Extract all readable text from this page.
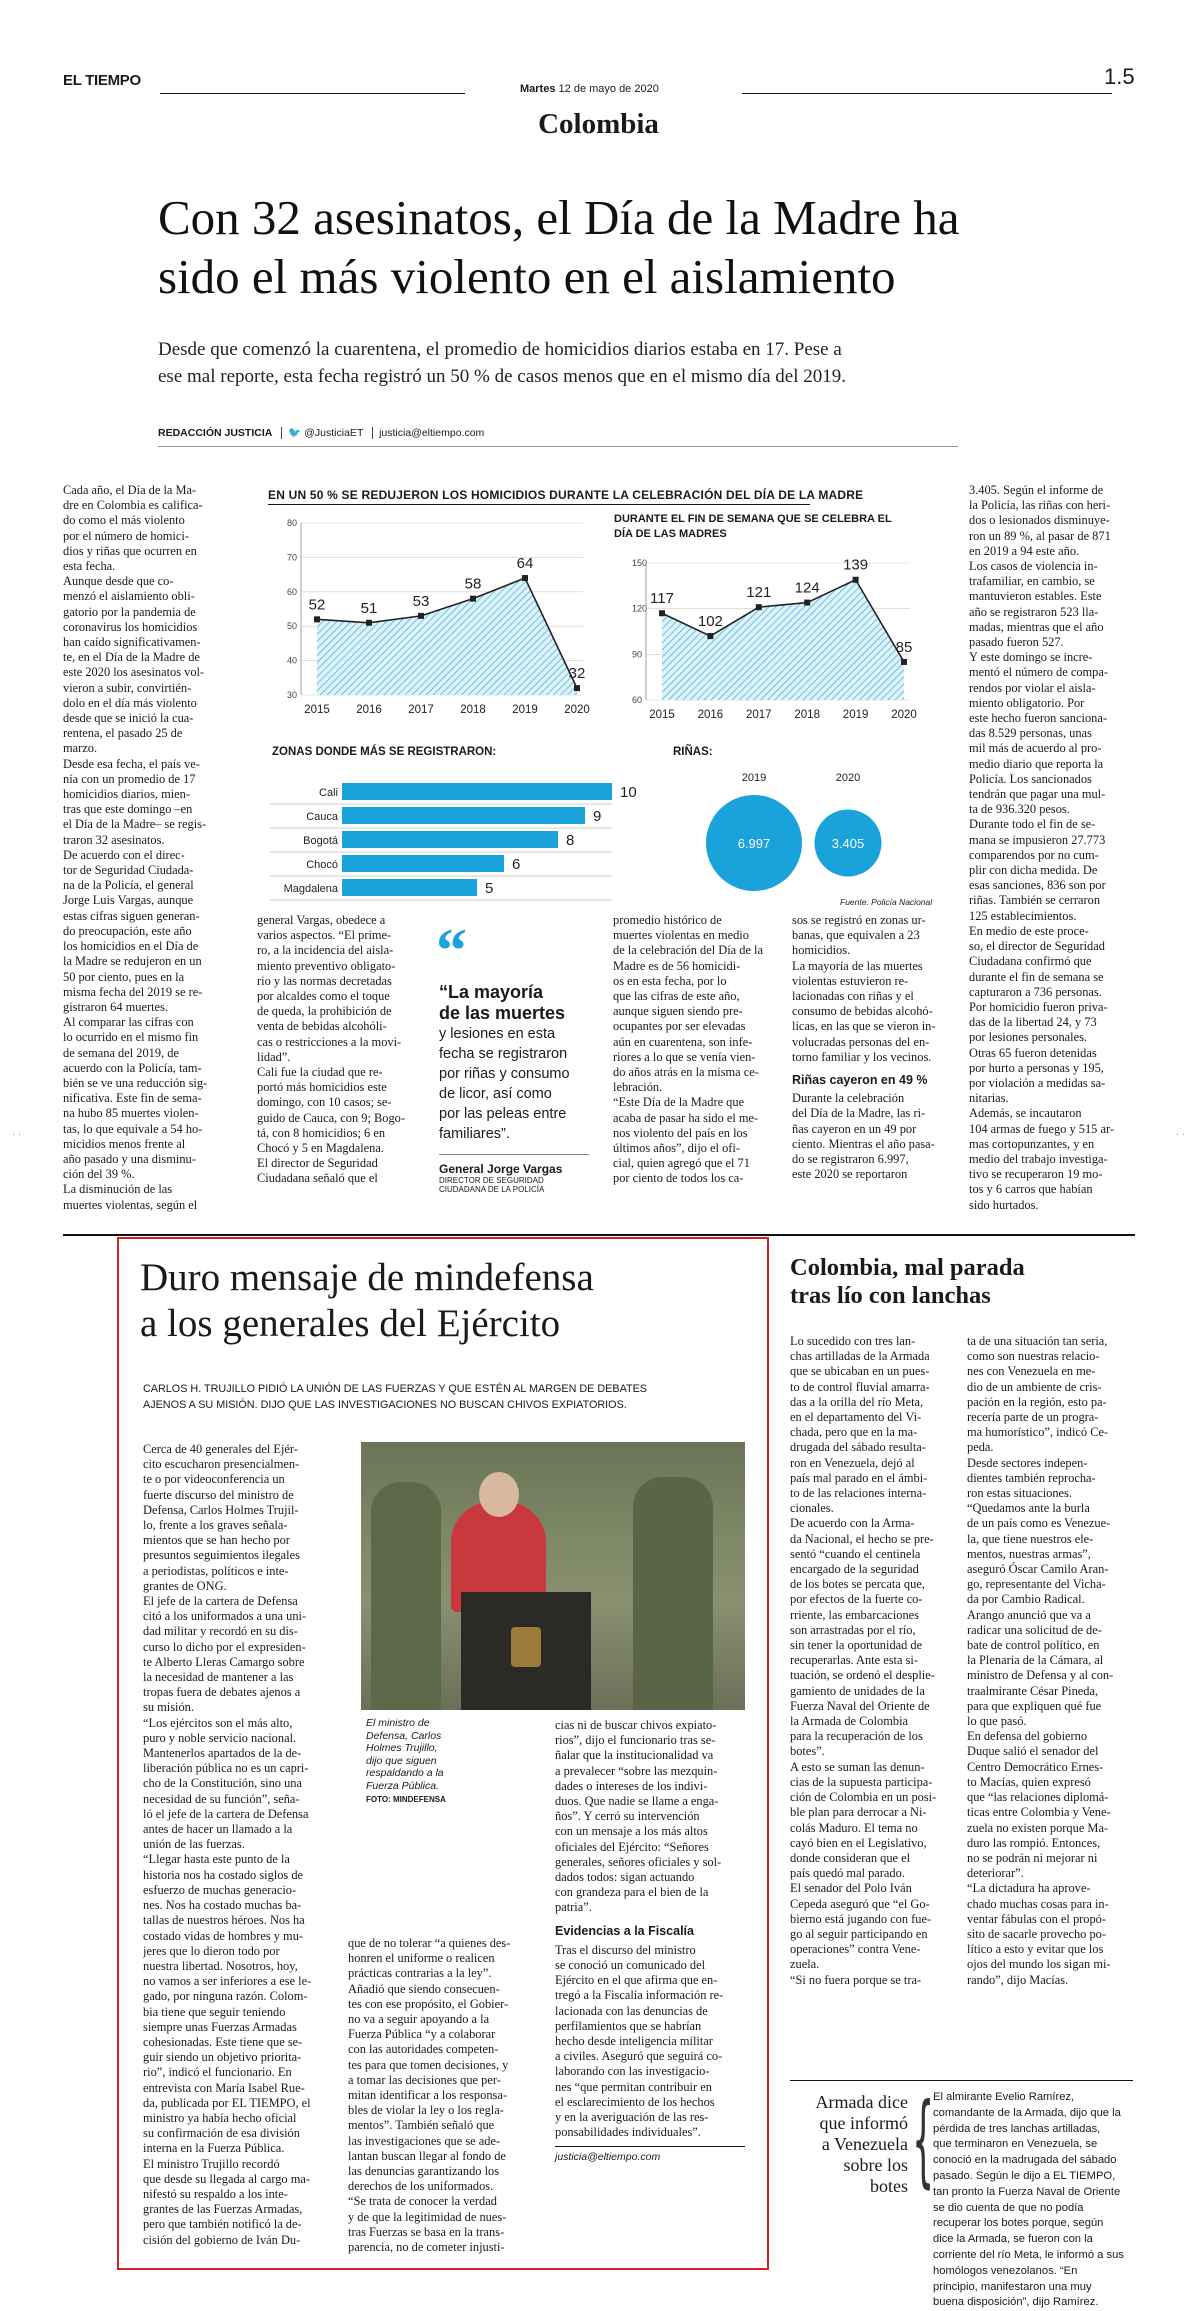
EL TIEMPO	Martes 12 de mayo de 2020	1.5
Colombia
Con 32 asesinatos, el Día de la Madre ha
sido el más violento en el aislamiento
Desde que comenzó la cuarentena, el promedio de homicidios diarios estaba en 17. Pese a
ese mal reporte, esta fecha registró un 50 % de casos menos que en el mismo día del 2019.
REDACCIÓN JUSTICIA 🐦 @JusticiaET justicia@eltiempo.com
Cada año, el Día de la Ma-
dre en Colombia es califica-
do como el más violento
por el número de homici-
dios y riñas que ocurren en
esta fecha.
Aunque desde que co-
menzó el aislamiento obli-
gatorio por la pandemia de
coronavirus los homicidios
han caído significativamen-
te, en el Día de la Madre de
este 2020 los asesinatos vol-
vieron a subir, convirtién-
dolo en el día más violento
desde que se inició la cua-
rentena, el pasado 25 de
marzo.
Desde esa fecha, el país ve-
nía con un promedio de 17
homicidios diarios, mien-
tras que este domingo –en
el Día de la Madre– se regis-
traron 32 asesinatos.
De acuerdo con el direc-
tor de Seguridad Ciudada-
na de la Policía, el general
Jorge Luis Vargas, aunque
estas cifras siguen generan-
do preocupación, este año
los homicidios en el Día de
la Madre se redujeron en un
50 por ciento, pues en la
misma fecha del 2019 se re-
gistraron 64 muertes.
Al comparar las cifras con
lo ocurrido en el mismo fin
de semana del 2019, de
acuerdo con la Policía, tam-
bién se ve una reducción sig-
nificativa. Este fin de sema-
na hubo 85 muertes violen-
tas, lo que equivale a 54 ho-
micidios menos frente al
año pasado y una disminu-
ción del 39 %.
La disminución de las
muertes violentas, según el
EN UN 50 % SE REDUJERON LOS HOMICIDIOS DURANTE LA CELEBRACIÓN DEL DÍA DE LA MADRE
30
40
50
60
70
80
52
2015
51
2016
53
2017
58
2018
64
2019
32
2020
DURANTE EL FIN DE SEMANA QUE SE CELEBRA EL
DÍA DE LAS MADRES
60
90
120
150
117
2015
102
2016
121
2017
124
2018
139
2019
85
2020
ZONAS DONDE MÁS SE REGISTRARON:
Cali	10
Cauca	9
Bogotá	8
Chocó	6
Magdalena	5
RIÑAS:
2019
6.997
2020
3.405
Fuente: Policía Nacional
general Vargas, obedece a
varios aspectos. “El prime-
ro, a la incidencia del aisla-
miento preventivo obligato-
rio y las normas decretadas
por alcaldes como el toque
de queda, la prohibición de
venta de bebidas alcohóli-
cas o restricciones a la movi-
lidad”.
Cali fue la ciudad que re-
portó más homicidios este
domingo, con 10 casos; se-
guido de Cauca, con 9; Bogo-
tá, con 8 homicidios; 6 en
Chocó y 5 en Magdalena.
El director de Seguridad
Ciudadana señaló que el
“
“La mayoría
de las muertes
y lesiones en esta
fecha se registraron
por riñas y consumo
de licor, así como
por las peleas entre
familiares”.
General Jorge Vargas
DIRECTOR DE SEGURIDAD
CIUDADANA DE LA POLICÍA
promedio histórico de
muertes violentas en medio
de la celebración del Día de la
Madre es de 56 homicidi-
os en esta fecha, por lo
que las cifras de este año,
aunque siguen siendo pre-
ocupantes por ser elevadas
aún en cuarentena, son infe-
riores a lo que se venía vien-
do años atrás en la misma ce-
lebración.
“Este Día de la Madre que
acaba de pasar ha sido el me-
nos violento del país en los
últimos años”, dijo el ofi-
cial, quien agregó que el 71
por ciento de todos los ca-
sos se registró en zonas ur-
banas, que equivalen a 23
homicidios.
La mayoría de las muertes
violentas estuvieron re-
lacionadas con riñas y el
consumo de bebidas alcohó-
licas, en las que se vieron in-
volucradas personas del en-
torno familiar y los vecinos.
Riñas cayeron en 49 %
Durante la celebración
del Día de la Madre, las ri-
ñas cayeron en un 49 por
ciento. Mientras el año pasa-
do se registraron 6.997,
este 2020 se reportaron
3.405. Según el informe de
la Policía, las riñas con heri-
dos o lesionados disminuye-
ron un 89 %, al pasar de 871
en 2019 a 94 este año.
Los casos de violencia in-
trafamiliar, en cambio, se
mantuvieron estables. Este
año se registraron 523 lla-
madas, mientras que el año
pasado fueron 527.
Y este domingo se incre-
mentó el número de compa-
rendos por violar el aisla-
miento obligatorio. Por
este hecho fueron sanciona-
das 8.529 personas, unas
mil más de acuerdo al pro-
medio diario que reporta la
Policía. Los sancionados
tendrán que pagar una mul-
ta de 936.320 pesos.
Durante todo el fin de se-
mana se impusieron 27.773
comparendos por no cum-
plir con dicha medida. De
esas sanciones, 836 son por
riñas. También se cerraron
125 establecimientos.
En medio de este proce-
so, el director de Seguridad
Ciudadana confirmó que
durante el fin de semana se
capturaron a 736 personas.
Por homicidio fueron priva-
das de la libertad 24, y 73
por lesiones personales.
Otras 65 fueron detenidas
por hurto a personas y 195,
por violación a medidas sa-
nitarias.
Además, se incautaron
104 armas de fuego y 515 ar-
mas cortopunzantes, y en
medio del trabajo investiga-
tivo se recuperaron 19 mo-
tos y 6 carros que habían
sido hurtados.
· ·	· ·
Duro mensaje de mindefensa
a los generales del Ejército
CARLOS H. TRUJILLO PIDIÓ LA UNIÓN DE LAS FUERZAS Y QUE ESTÉN AL MARGEN DE DEBATES
AJENOS A SU MISIÓN. DIJO QUE LAS INVESTIGACIONES NO BUSCAN CHIVOS EXPIATORIOS.
Cerca de 40 generales del Ejér-
cito escucharon presencialmen-
te o por videoconferencia un
fuerte discurso del ministro de
Defensa, Carlos Holmes Trujil-
lo, frente a los graves señala-
mientos que se han hecho por
presuntos seguimientos ilegales
a periodistas, políticos e inte-
grantes de ONG.
El jefe de la cartera de Defensa
citó a los uniformados a una uni-
dad militar y recordó en su dis-
curso lo dicho por el expresiden-
te Alberto Lleras Camargo sobre
la necesidad de mantener a las
tropas fuera de debates ajenos a
su misión.
“Los ejércitos son el más alto,
puro y noble servicio nacional.
Mantenerlos apartados de la de-
liberación pública no es un capri-
cho de la Constitución, sino una
necesidad de su función”, seña-
ló el jefe de la cartera de Defensa
antes de hacer un llamado a la
unión de las fuerzas.
“Llegar hasta este punto de la
historia nos ha costado siglos de
esfuerzo de muchas generacio-
nes. Nos ha costado muchas ba-
tallas de nuestros héroes. Nos ha
costado vidas de hombres y mu-
jeres que lo dieron todo por
nuestra libertad. Nosotros, hoy,
no vamos a ser inferiores a ese le-
gado, por ninguna razón. Colom-
bia tiene que seguir teniendo
siempre unas Fuerzas Armadas
cohesionadas. Este tiene que se-
guir siendo un objetivo priorita-
rio”, indicó el funcionario. En
entrevista con María Isabel Rue-
da, publicada por EL TIEMPO, el
ministro ya había hecho oficial
su confirmación de esa división
interna en la Fuerza Pública.
El ministro Trujillo recordó
que desde su llegada al cargo ma-
nifestó su respaldo a los inte-
grantes de las Fuerzas Armadas,
pero que también notificó la de-
cisión del gobierno de Iván Du-
El ministro de
Defensa, Carlos
Holmes Trujillo,
dijo que siguen
respaldando a la
Fuerza Pública.
FOTO: MINDEFENSA
cias ni de buscar chivos expiato-
rios”, dijo el funcionario tras se-
ñalar que la institucionalidad va
a prevalecer “sobre las mezquin-
dades o intereses de los indivi-
duos. Que nadie se llame a enga-
ños”. Y cerró su intervención
con un mensaje a los más altos
oficiales del Ejército: “Señores
generales, señores oficiales y sol-
dados todos: sigan actuando
con grandeza para el bien de la
patria”.
Evidencias a la Fiscalía
Tras el discurso del ministro
se conoció un comunicado del
Ejército en el que afirma que en-
tregó a la Fiscalía información re-
lacionada con las denuncias de
perfilamientos que se habrían
hecho desde inteligencia militar
a civiles. Aseguró que seguirá co-
laborando con las investigacio-
nes “que permitan contribuir en
el esclarecimiento de los hechos
y en la averiguación de las res-
ponsabilidades individuales”.
justicia@eltiempo.com
que de no tolerar “a quienes des-
honren el uniforme o realicen
prácticas contrarias a la ley”.
Añadió que siendo consecuen-
tes con ese propósito, el Gobier-
no va a seguir apoyando a la
Fuerza Pública “y a colaborar
con las autoridades competen-
tes para que tomen decisiones, y
a tomar las decisiones que per-
mitan identificar a los responsa-
bles de violar la ley o los regla-
mentos”. También señaló que
las investigaciones que se ade-
lantan buscan llegar al fondo de
las denuncias garantizando los
derechos de los uniformados.
“Se trata de conocer la verdad
y de que la legitimidad de nues-
tras Fuerzas se basa en la trans-
parencia, no de cometer injusti-
Colombia, mal parada
tras lío con lanchas
Lo sucedido con tres lan-
chas artilladas de la Armada
que se ubicaban en un pues-
to de control fluvial amarra-
das a la orilla del río Meta,
en el departamento del Vi-
chada, pero que en la ma-
drugada del sábado resulta-
ron en Venezuela, dejó al
país mal parado en el ámbi-
to de las relaciones interna-
cionales.
De acuerdo con la Arma-
da Nacional, el hecho se pre-
sentó “cuando el centinela
encargado de la seguridad
de los botes se percata que,
por efectos de la fuerte co-
rriente, las embarcaciones
son arrastradas por el río,
sin tener la oportunidad de
recuperarlas. Ante esta si-
tuación, se ordenó el desplie-
gamiento de unidades de la
Fuerza Naval del Oriente de
la Armada de Colombia
para la recuperación de los
botes”.
A esto se suman las denun-
cias de la supuesta participa-
ción de Colombia en un posi-
ble plan para derrocar a Ni-
colás Maduro. El tema no
cayó bien en el Legislativo,
donde consideran que el
país quedó mal parado.
El senador del Polo Iván
Cepeda aseguró que “el Go-
bierno está jugando con fue-
go al seguir participando en
operaciones” contra Vene-
zuela.
“Si no fuera porque se tra-
ta de una situación tan seria,
como son nuestras relacio-
nes con Venezuela en me-
dio de un ambiente de cris-
pación en la región, esto pa-
recería parte de un progra-
ma humorístico”, indicó Ce-
peda.
Desde sectores indepen-
dientes también reprocha-
ron estas situaciones.
“Quedamos ante la burla
de un país como es Venezue-
la, que tiene nuestros ele-
mentos, nuestras armas”,
aseguró Óscar Camilo Aran-
go, representante del Vicha-
da por Cambio Radical.
Arango anunció que va a
radicar una solicitud de de-
bate de control político, en
la Plenaria de la Cámara, al
ministro de Defensa y al con-
traalmirante César Pineda,
para que expliquen qué fue
lo que pasó.
En defensa del gobierno
Duque salió el senador del
Centro Democrático Ernes-
to Macías, quien expresó
que “las relaciones diplomá-
ticas entre Colombia y Vene-
zuela no existen porque Ma-
duro las rompió. Entonces,
no se podrán ni mejorar ni
deteriorar”.
“La dictadura ha aprove-
chado muchas cosas para in-
ventar fábulas con el propó-
sito de sacarle provecho po-
lítico a esto y evitar que los
ojos del mundo los sigan mi-
rando”, dijo Macías.
Armada dice
que informó
a Venezuela
sobre los
botes {
El almirante Evelio Ramírez,
comandante de la Armada, dijo que la
pérdida de tres lanchas artilladas,
que terminaron en Venezuela, se
conoció en la madrugada del sábado
pasado. Según le dijo a EL TIEMPO,
tan pronto la Fuerza Naval de Oriente
se dio cuenta de que no podía
recuperar los botes porque, según
dice la Armada, se fueron con la
corriente del río Meta, le informó a sus
homólogos venezolanos. “En
principio, manifestaron una muy
buena disposición”, dijo Ramírez.
